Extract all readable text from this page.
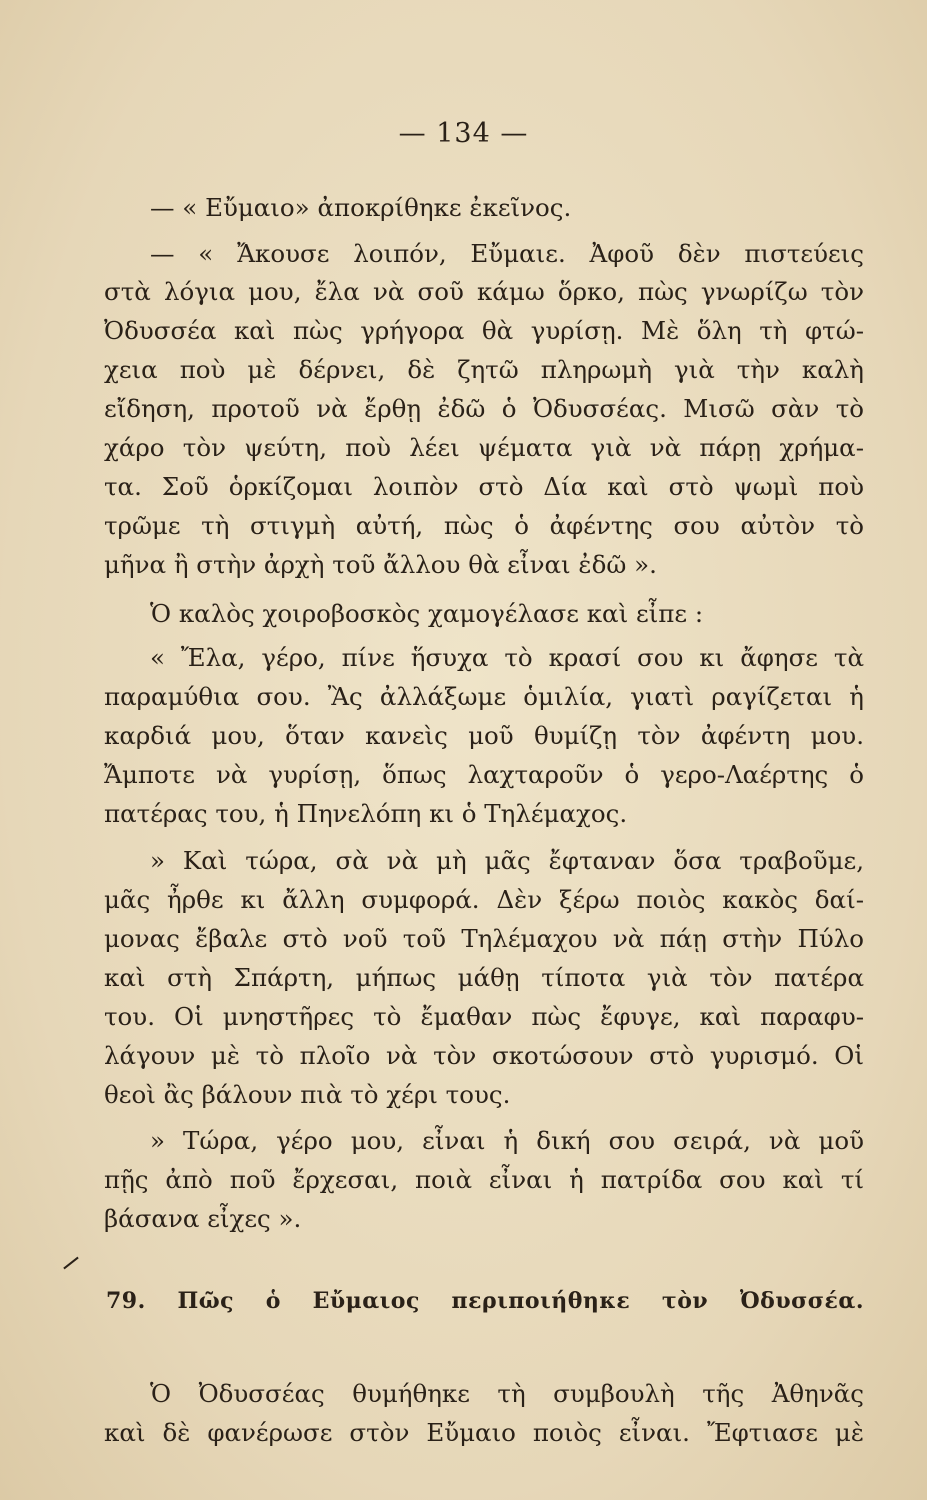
— 134 —
— « Εὔμαιο» ἀποκρίθηκε ἐκεῖνος.
— « Ἄκουσε λοιπόν, Εὔμαιε. Ἀφοῦ δὲν πιστεύεις
στὰ λόγια μου, ἔλα νὰ σοῦ κάμω ὅρκο, πὼς γνωρίζω τὸν
Ὀδυσσέα καὶ πὼς γρήγορα θὰ γυρίσῃ. Μὲ ὅλη τὴ φτώ-
χεια ποὺ μὲ δέρνει, δὲ ζητῶ πληρωμὴ γιὰ τὴν καλὴ
εἴδηση, προτοῦ νὰ ἔρθῃ ἐδῶ ὁ Ὀδυσσέας. Μισῶ σὰν τὸ
χάρο τὸν ψεύτη, ποὺ λέει ψέματα γιὰ νὰ πάρῃ χρήμα-
τα. Σοῦ ὁρκίζομαι λοιπὸν στὸ Δία καὶ στὸ ψωμὶ ποὺ
τρῶμε τὴ στιγμὴ αὐτή, πὼς ὁ ἀφέντης σου αὐτὸν τὸ
μῆνα ἢ στὴν ἀρχὴ τοῦ ἄλλου θὰ εἶναι ἐδῶ ».
Ὁ καλὸς χοιροβοσκὸς χαμογέλασε καὶ εἶπε :
« Ἔλα, γέρο, πίνε ἥσυχα τὸ κρασί σου κι ἄφησε τὰ
παραμύθια σου. Ἂς ἀλλάξωμε ὁμιλία, γιατὶ ραγίζεται ἡ
καρδιά μου, ὅταν κανεὶς μοῦ θυμίζῃ τὸν ἀφέντη μου.
Ἄμποτε νὰ γυρίσῃ, ὅπως λαχταροῦν ὁ γερο-Λαέρτης ὁ
πατέρας του, ἡ Πηνελόπη κι ὁ Τηλέμαχος.
» Καὶ τώρα, σὰ νὰ μὴ μᾶς ἔφταναν ὅσα τραβοῦμε,
μᾶς ἦρθε κι ἄλλη συμφορά. Δὲν ξέρω ποιὸς κακὸς δαί-
μονας ἔβαλε στὸ νοῦ τοῦ Τηλέμαχου νὰ πάῃ στὴν Πύλο
καὶ στὴ Σπάρτη, μήπως μάθῃ τίποτα γιὰ τὸν πατέρα
του. Οἱ μνηστῆρες τὸ ἔμαθαν πὼς ἔφυγε, καὶ παραφυ-
λάγουν μὲ τὸ πλοῖο νὰ τὸν σκοτώσουν στὸ γυρισμό. Οἱ
θεοὶ ἂς βάλουν πιὰ τὸ χέρι τους.
» Τώρα, γέρο μου, εἶναι ἡ δική σου σειρά, νὰ μοῦ
πῇς ἀπὸ ποῦ ἔρχεσαι, ποιὰ εἶναι ἡ πατρίδα σου καὶ τί
βάσανα εἶχες ».
79. Πῶς ὁ Εὔμαιος περιποιήθηκε τὸν Ὀδυσσέα.
Ὁ Ὀδυσσέας θυμήθηκε τὴ συμβουλὴ τῆς Ἀθηνᾶς
καὶ δὲ φανέρωσε στὸν Εὔμαιο ποιὸς εἶναι. Ἔφτιασε μὲ
